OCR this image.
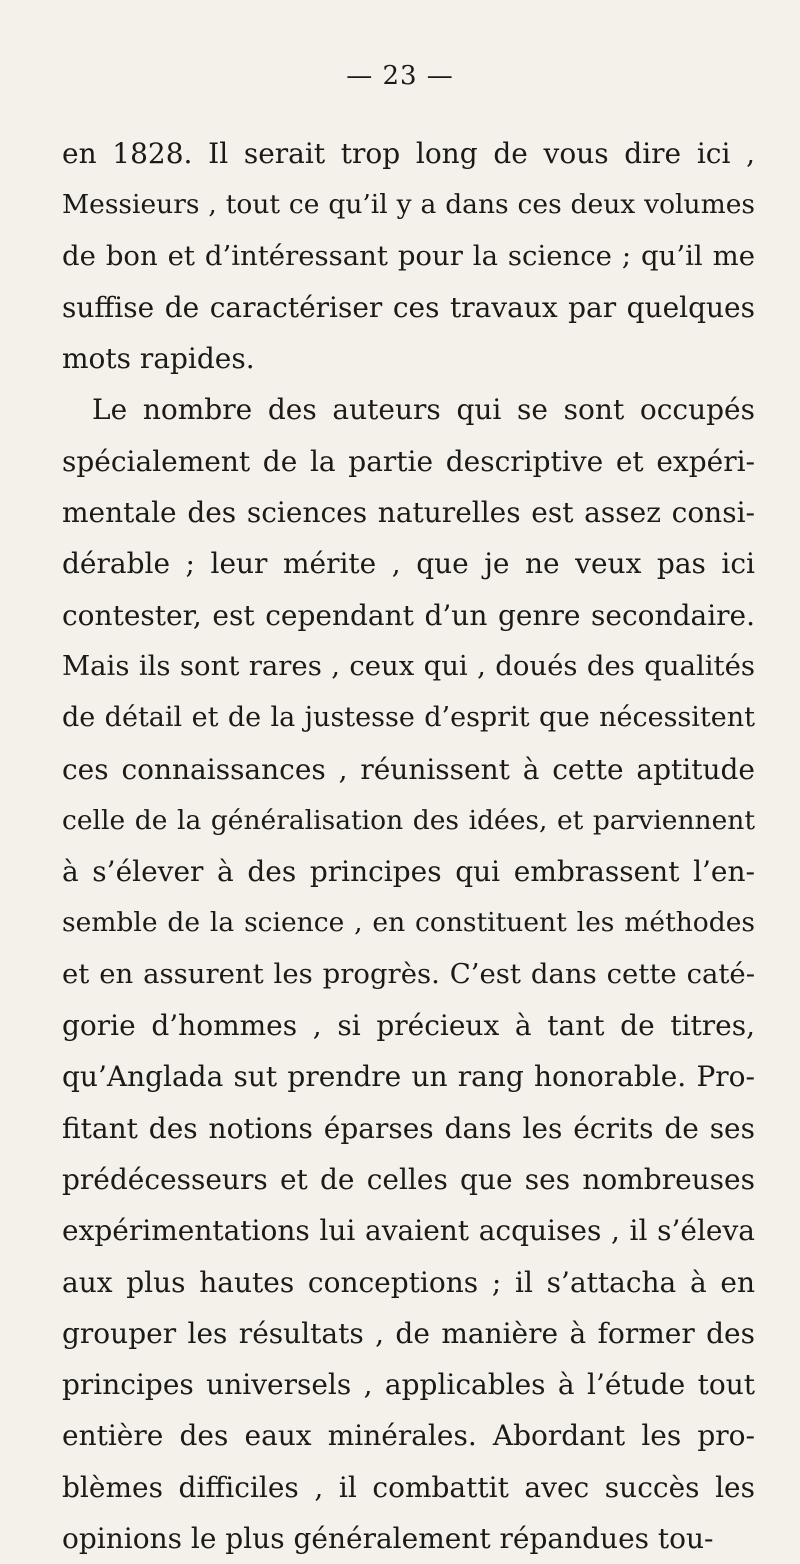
— 23 —
en 1828. Il serait trop long de vous dire ici ,
Messieurs , tout ce qu’il y a dans ces deux volumes
de bon et d’intéressant pour la science ; qu’il me
suffise de caractériser ces travaux par quelques
mots rapides.
Le nombre des auteurs qui se sont occupés
spécialement de la partie descriptive et expéri-
mentale des sciences naturelles est assez consi-
dérable ; leur mérite , que je ne veux pas ici
contester, est cependant d’un genre secondaire.
Mais ils sont rares , ceux qui , doués des qualités
de détail et de la justesse d’esprit que nécessitent
ces connaissances , réunissent à cette aptitude
celle de la généralisation des idées, et parviennent
à s’élever à des principes qui embrassent l’en-
semble de la science , en constituent les méthodes
et en assurent les progrès. C’est dans cette caté-
gorie d’hommes , si précieux à tant de titres,
qu’Anglada sut prendre un rang honorable. Pro-
fitant des notions éparses dans les écrits de ses
prédécesseurs et de celles que ses nombreuses
expérimentations lui avaient acquises , il s’éleva
aux plus hautes conceptions ; il s’attacha à en
grouper les résultats , de manière à former des
principes universels , applicables à l’étude tout
entière des eaux minérales. Abordant les pro-
blèmes difficiles , il combattit avec succès les
opinions le plus généralement répandues tou-
